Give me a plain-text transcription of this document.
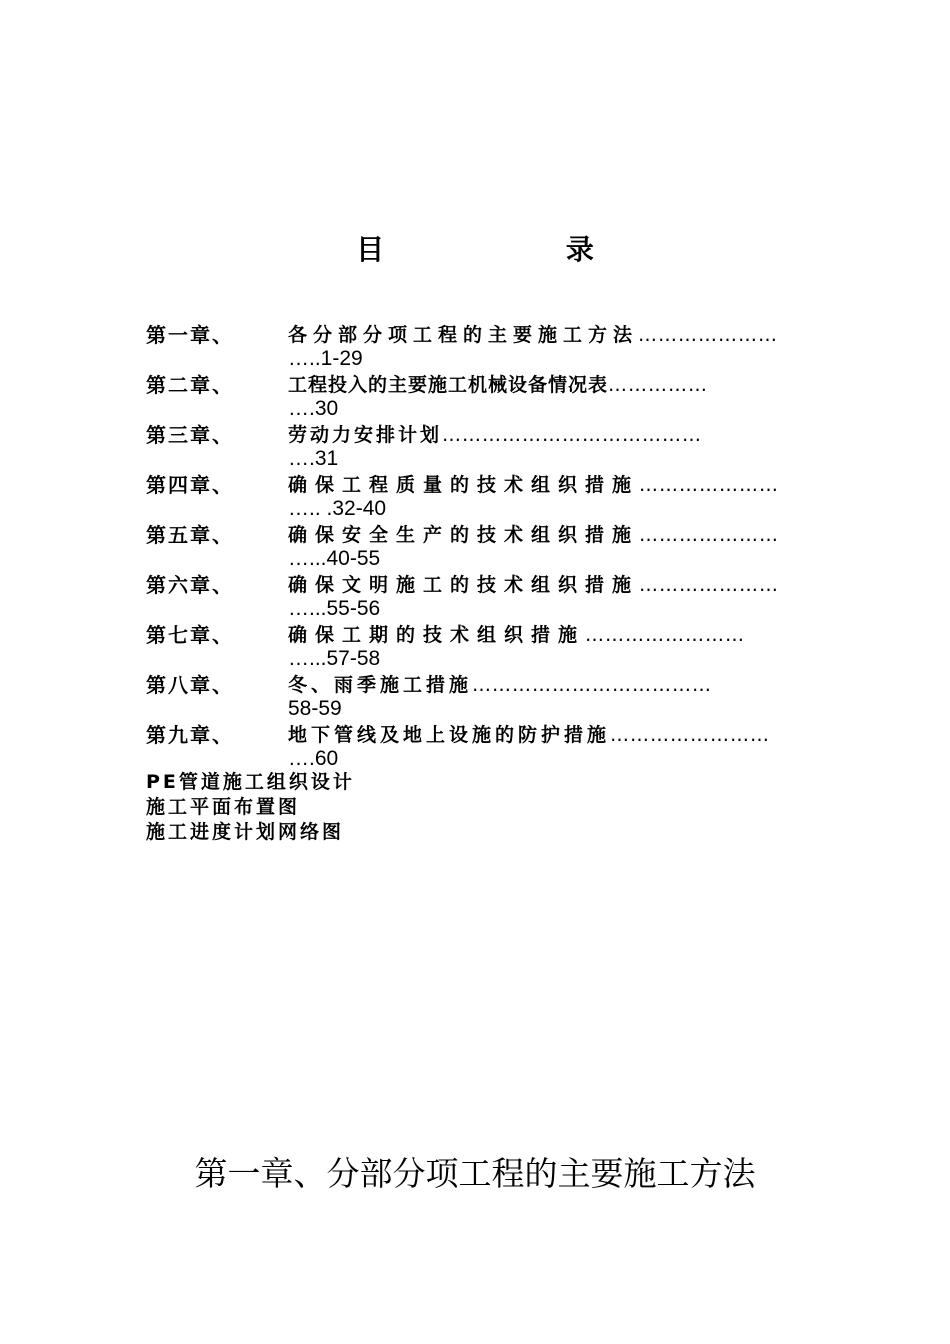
目 录
第一章、	各分部分项工程的主要施工方法…………………
…..1-29
第二章、	工程投入的主要施工机械设备情况表……………
….30
第三章、	劳动力安排计划…………………………………
….31
第四章、	确保工程质量的技术组织措施…………………
….. .32-40
第五章、	确保安全生产的技术组织措施…………………
…...40-55
第六章、	确保文明施工的技术组织措施…………………
…...55-56
第七章、	确保工期的技术组织措施……………………
…...57-58
第八章、	冬、雨季施工措施………………………………
58-59
第九章、	地下管线及地上设施的防护措施……………………
….60
PE管道施工组织设计
施工平面布置图
施工进度计划网络图
第一章、分部分项工程的主要施工方法
